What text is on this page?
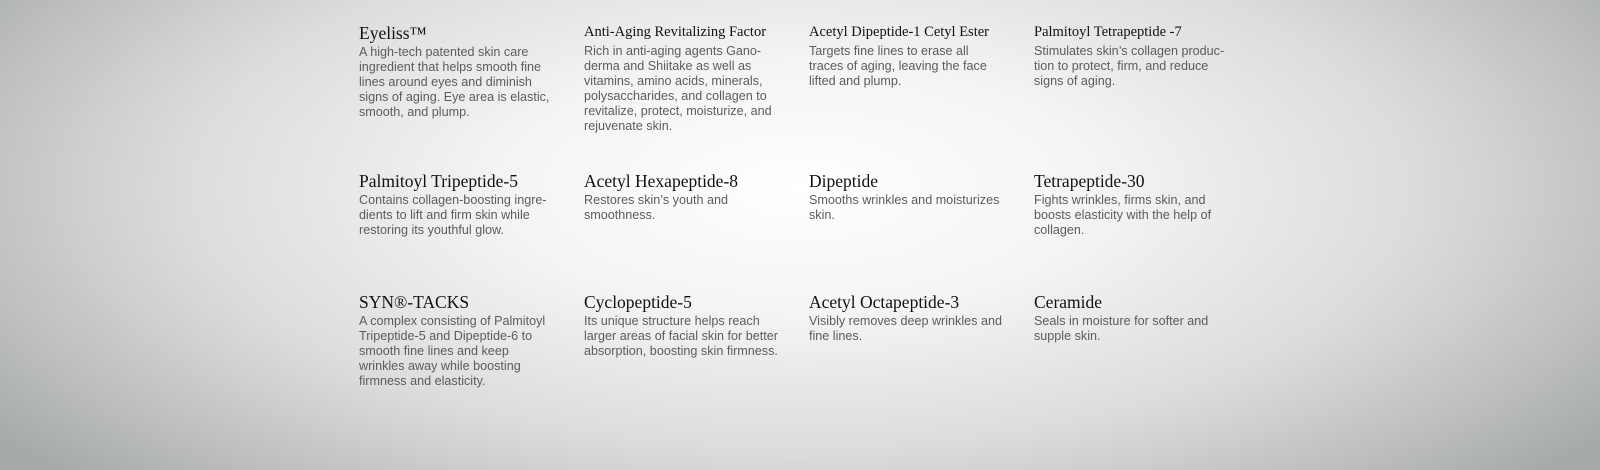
Eyeliss™

A high-tech patented skin care ingredient that helps smooth fine lines around eyes and diminish signs of aging. Eye area is elastic, smooth, and plump.

Anti-Aging Revitalizing Factor

Rich in anti-aging agents Gano-derma and Shiitake as well as vitamins, amino acids, minerals, polysaccharides, and collagen to revitalize, protect, moisturize, and rejuvenate skin.

Acetyl Dipeptide-1 Cetyl Ester

Targets fine lines to erase all traces of aging, leaving the face lifted and plump.

Palmitoyl Tetrapeptide -7

Stimulates skin’s collagen produc-tion to protect, firm, and reduce signs of aging.

Palmitoyl Tripeptide-5

Contains collagen-boosting ingre-dients to lift and firm skin while restoring its youthful glow.

Acetyl Hexapeptide-8

Restores skin’s youth and smoothness.

Dipeptide

Smooths wrinkles and moisturizes skin.

Tetrapeptide-30

Fights wrinkles, firms skin, and boosts elasticity with the help of collagen.

SYN®-TACKS

A complex consisting of Palmitoyl Tripeptide-5 and Dipeptide-6 to smooth fine lines and keep wrinkles away while boosting firmness and elasticity.

Cyclopeptide-5

Its unique structure helps reach larger areas of facial skin for better absorption, boosting skin firmness.

Acetyl Octapeptide-3

Visibly removes deep wrinkles and fine lines.

Ceramide

Seals in moisture for softer and supple skin.
